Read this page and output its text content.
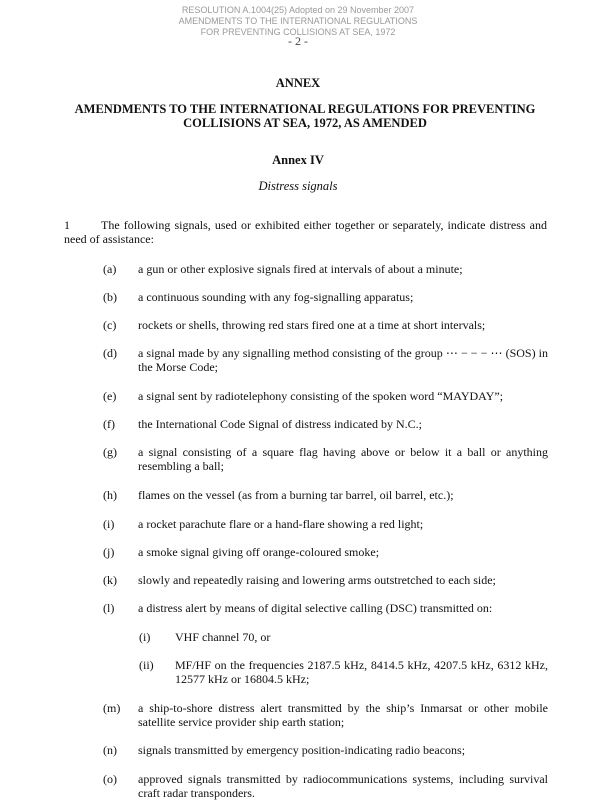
RESOLUTION A.1004(25) Adopted on 29 November 2007
AMENDMENTS TO THE INTERNATIONAL REGULATIONS
FOR PREVENTING COLLISIONS AT SEA, 1972
- 2 -
ANNEX
AMENDMENTS TO THE INTERNATIONAL REGULATIONS FOR PREVENTING COLLISIONS AT SEA, 1972, AS AMENDED
Annex IV
Distress signals
1	The following signals, used or exhibited either together or separately, indicate distress and need of assistance:
(a)	a gun or other explosive signals fired at intervals of about a minute;
(b)	a continuous sounding with any fog-signalling apparatus;
(c)	rockets or shells, throwing red stars fired one at a time at short intervals;
(d)	a signal made by any signalling method consisting of the group ⋯ − − − ⋯ (SOS) in the Morse Code;
(e)	a signal sent by radiotelephony consisting of the spoken word “MAYDAY”;
(f)	the International Code Signal of distress indicated by N.C.;
(g)	a signal consisting of a square flag having above or below it a ball or anything resembling a ball;
(h)	flames on the vessel (as from a burning tar barrel, oil barrel, etc.);
(i)	a rocket parachute flare or a hand-flare showing a red light;
(j)	a smoke signal giving off orange-coloured smoke;
(k)	slowly and repeatedly raising and lowering arms outstretched to each side;
(l)	a distress alert by means of digital selective calling (DSC) transmitted on:
(i)	VHF channel 70, or
(ii)	MF/HF on the frequencies 2187.5 kHz, 8414.5 kHz, 4207.5 kHz, 6312 kHz, 12577 kHz or 16804.5 kHz;
(m)	a ship-to-shore distress alert transmitted by the ship’s Inmarsat or other mobile satellite service provider ship earth station;
(n)	signals transmitted by emergency position-indicating radio beacons;
(o)	approved signals transmitted by radiocommunications systems, including survival craft radar transponders.
